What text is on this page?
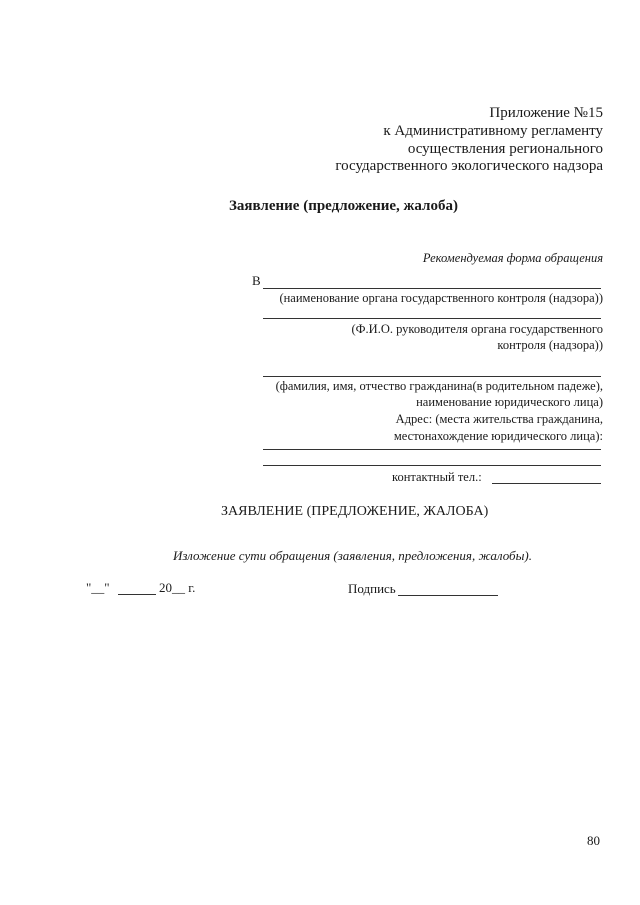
Приложение №15
к Административному регламенту
осуществления регионального
государственного экологического надзора
Заявление (предложение, жалоба)
Рекомендуемая форма обращения
В
(наименование органа государственного контроля (надзора))
(Ф.И.О. руководителя органа государственного
контроля (надзора))
(фамилия, имя, отчество гражданина(в родительном падеже),
наименование юридического лица)
Адрес: (места жительства гражданина,
местонахождение юридического лица):
контактный тел.:
ЗАЯВЛЕНИЕ (ПРЕДЛОЖЕНИЕ, ЖАЛОБА)
Изложение сути обращения (заявления, предложения, жалобы).
"__"	20__ г.	Подпись
80
